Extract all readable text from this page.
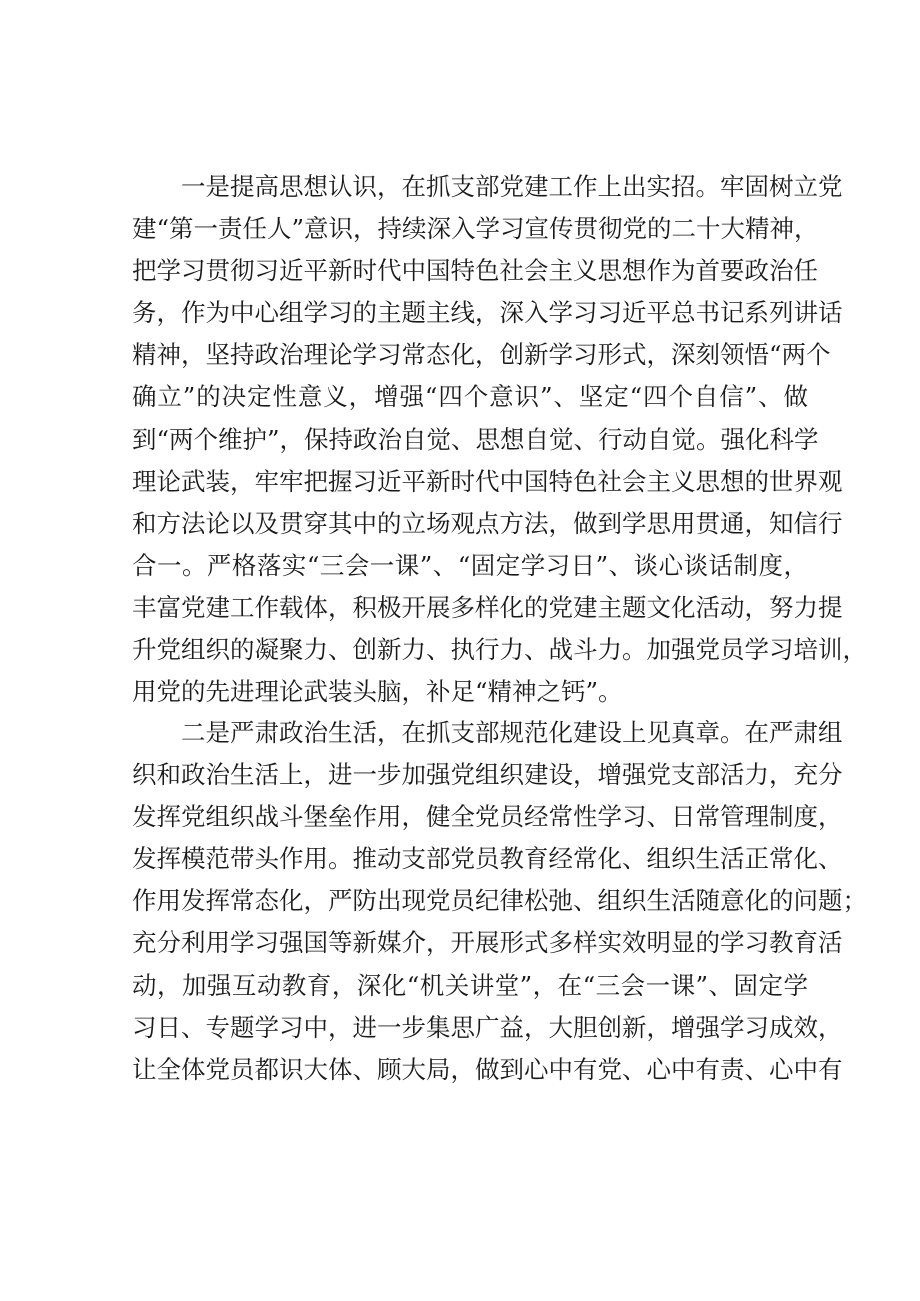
一是提高思想认识，在抓支部党建工作上出实招。牢固树立党
建“第一责任人”意识，持续深入学习宣传贯彻党的二十大精神，
把学习贯彻习近平新时代中国特色社会主义思想作为首要政治任
务，作为中心组学习的主题主线，深入学习习近平总书记系列讲话
精神，坚持政治理论学习常态化，创新学习形式，深刻领悟“两个
确立”的决定性意义，增强“四个意识”、坚定“四个自信”、做
到“两个维护”，保持政治自觉、思想自觉、行动自觉。强化科学
理论武装，牢牢把握习近平新时代中国特色社会主义思想的世界观
和方法论以及贯穿其中的立场观点方法，做到学思用贯通，知信行
合一。严格落实“三会一课”、“固定学习日”、谈心谈话制度，
丰富党建工作载体，积极开展多样化的党建主题文化活动，努力提
升党组织的凝聚力、创新力、执行力、战斗力。加强党员学习培训，
用党的先进理论武装头脑，补足“精神之钙”。
二是严肃政治生活，在抓支部规范化建设上见真章。在严肃组
织和政治生活上，进一步加强党组织建设，增强党支部活力，充分
发挥党组织战斗堡垒作用，健全党员经常性学习、日常管理制度，
发挥模范带头作用。推动支部党员教育经常化、组织生活正常化、
作用发挥常态化，严防出现党员纪律松弛、组织生活随意化的问题；
充分利用学习强国等新媒介，开展形式多样实效明显的学习教育活
动，加强互动教育，深化“机关讲堂”，在“三会一课”、固定学
习日、专题学习中，进一步集思广益，大胆创新，增强学习成效，
让全体党员都识大体、顾大局，做到心中有党、心中有责、心中有
